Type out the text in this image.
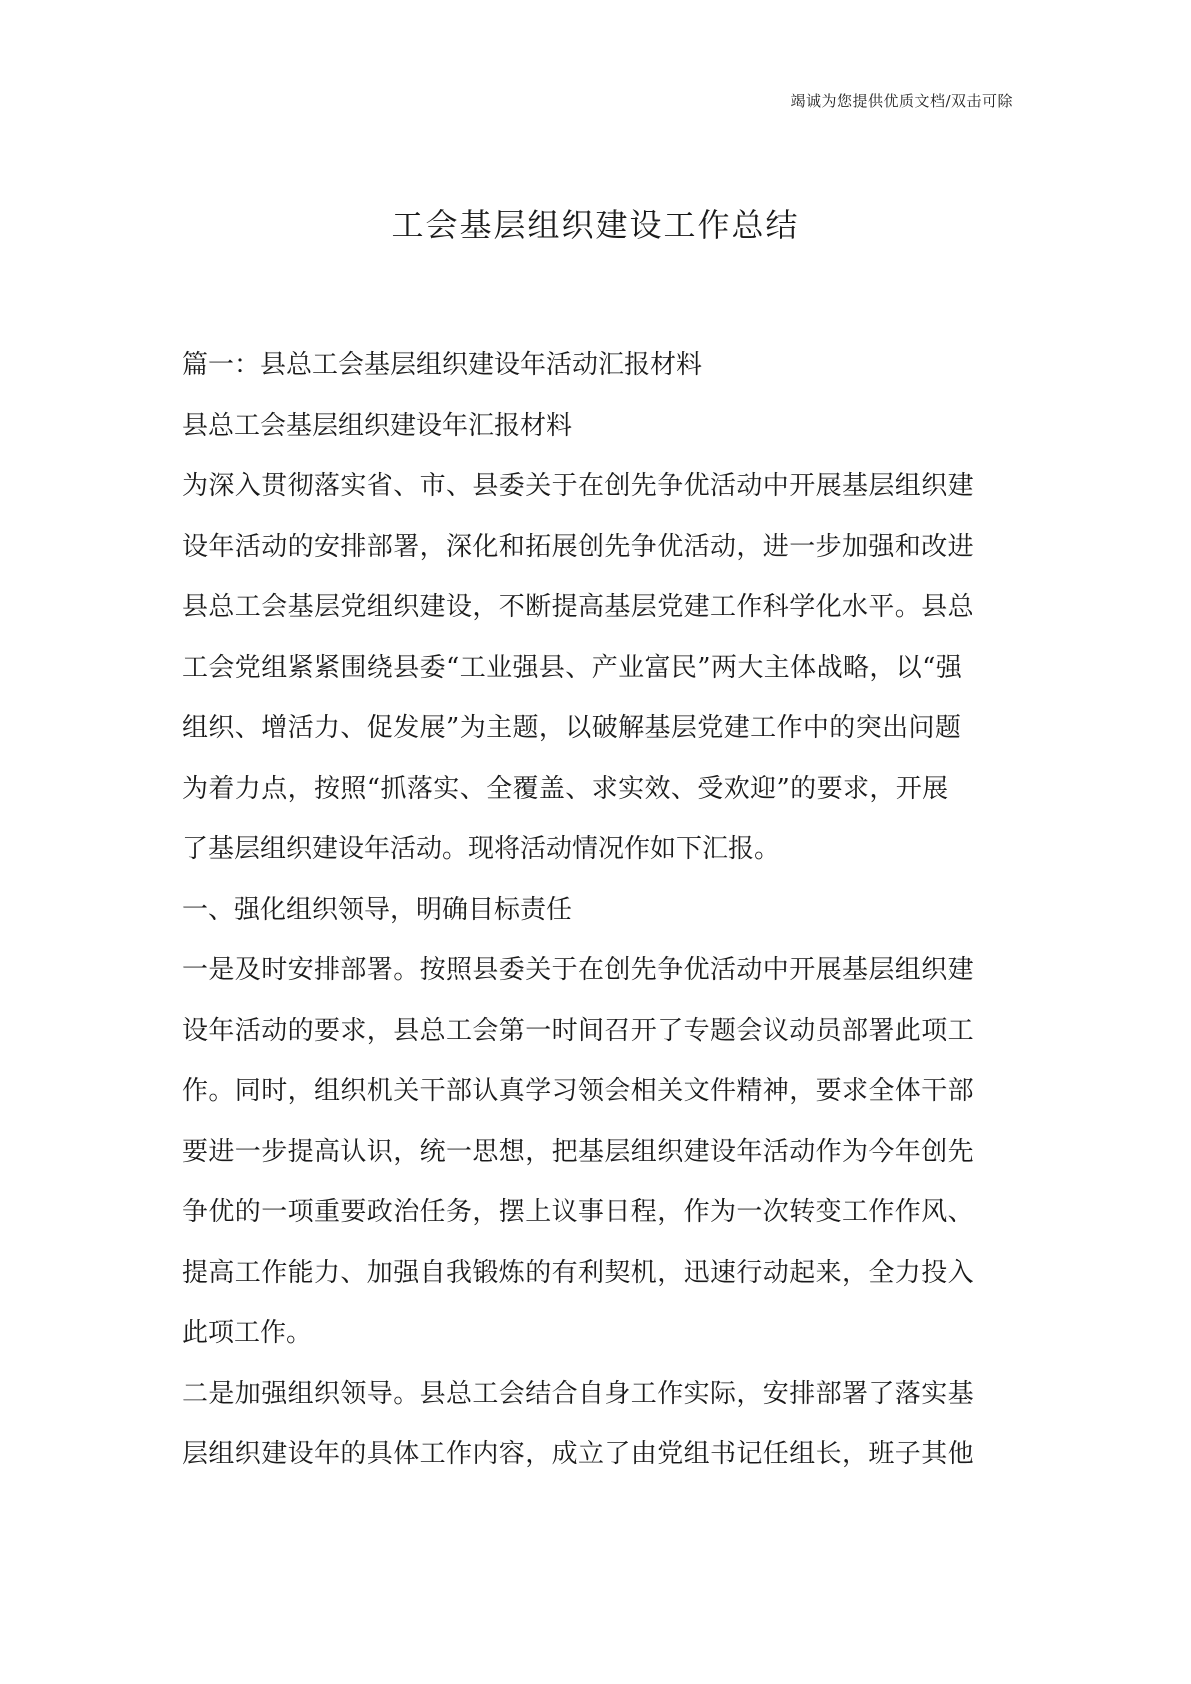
竭诚为您提供优质文档/双击可除
工会基层组织建设工作总结
篇一：县总工会基层组织建设年活动汇报材料
县总工会基层组织建设年汇报材料
为深入贯彻落实省、市、县委关于在创先争优活动中开展基层组织建
设年活动的安排部署，深化和拓展创先争优活动，进一步加强和改进
县总工会基层党组织建设，不断提高基层党建工作科学化水平。县总
工会党组紧紧围绕县委“工业强县、产业富民”两大主体战略，以“强
组织、增活力、促发展”为主题，以破解基层党建工作中的突出问题
为着力点，按照“抓落实、全覆盖、求实效、受欢迎”的要求，开展
了基层组织建设年活动。现将活动情况作如下汇报。
一、强化组织领导，明确目标责任
一是及时安排部署。按照县委关于在创先争优活动中开展基层组织建
设年活动的要求，县总工会第一时间召开了专题会议动员部署此项工
作。同时，组织机关干部认真学习领会相关文件精神，要求全体干部
要进一步提高认识，统一思想，把基层组织建设年活动作为今年创先
争优的一项重要政治任务，摆上议事日程，作为一次转变工作作风、
提高工作能力、加强自我锻炼的有利契机，迅速行动起来，全力投入
此项工作。
二是加强组织领导。县总工会结合自身工作实际，安排部署了落实基
层组织建设年的具体工作内容，成立了由党组书记任组长，班子其他
